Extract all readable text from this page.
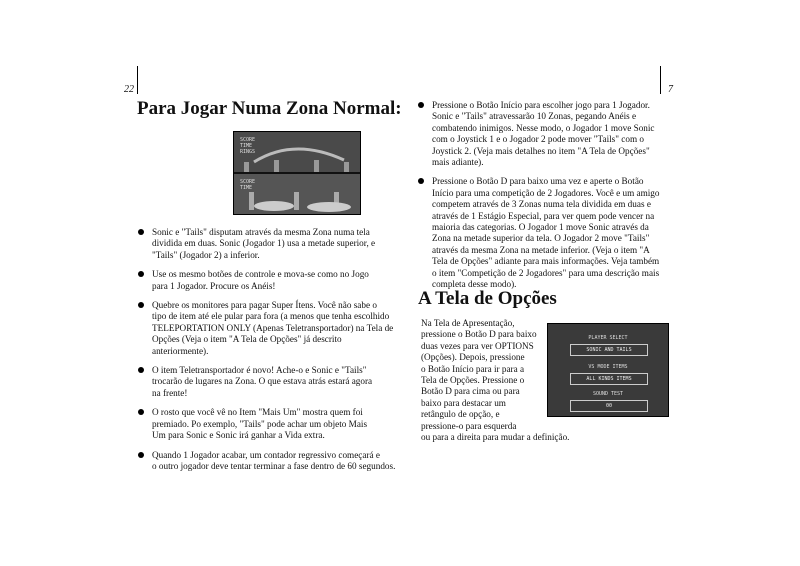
22
Para Jogar Numa Zona Normal:
SCORE
TIME
RINGS
SCORE
TIME
Sonic e "Tails" disputam através da mesma Zona numa tela
dividida em duas. Sonic (Jogador 1) usa a metade superior, e
"Tails" (Jogador 2) a inferior.
Use os mesmo botões de controle e mova-se como no Jogo
para 1 Jogador. Procure os Anéis!
Quebre os monitores para pagar Super Ítens. Você não sabe o
tipo de item até ele pular para fora (a menos que tenha escolhido
TELEPORTATION ONLY (Apenas Teletransportador) na Tela de
Opções (Veja o item "A Tela de Opções" já descrito
anteriormente).
O item Teletransportador é novo! Ache-o e Sonic e "Tails"
trocarão de lugares na Zona. O que estava atrás estará agora
na frente!
O rosto que você vê no Item "Mais Um" mostra quem foi
premiado. Po exemplo, "Tails" pode achar um objeto Mais
Um para Sonic e Sonic irá ganhar a Vida extra.
Quando 1 Jogador acabar, um contador regressivo começará e
o outro jogador deve tentar terminar a fase dentro de 60 segundos.
7
Pressione o Botão Início para escolher jogo para 1 Jogador.
Sonic e "Tails" atravessarão 10 Zonas, pegando Anéis e
combatendo inimigos. Nesse modo, o Jogador 1 move Sonic
com o Joystick 1 e o Jogador 2 pode mover "Tails" com o
Joystick 2. (Veja mais detalhes no item "A Tela de Opções"
mais adiante).
Pressione o Botão D para baixo uma vez e aperte o Botão
Início para uma competição de 2 Jogadores. Você e um amigo
competem através de 3 Zonas numa tela dividida em duas e
através de 1 Estágio Especial, para ver quem pode vencer na
maioria das categorias. O Jogador 1 move Sonic através da
Zona na metade superior da tela. O Jogador 2 move "Tails"
através da mesma Zona na metade inferior. (Veja o item "A
Tela de Opções" adiante para mais informações. Veja também
o item "Competição de 2 Jogadores" para uma descrição mais
completa desse modo).
A Tela de Opções
Na Tela de Apresentação,
pressione o Botão D para baixo
duas vezes para ver OPTIONS
(Opções). Depois, pressione
o Botão Início para ir para a
Tela de Opções. Pressione o
Botão D para cima ou para
baixo para destacar um
retângulo de opção, e
pressione-o para esquerda
ou para a direita para mudar a definição.
PLAYER SELECT
SONIC AND TAILS
VS MODE ITEMS
ALL KINDS ITEMS
SOUND TEST
00
